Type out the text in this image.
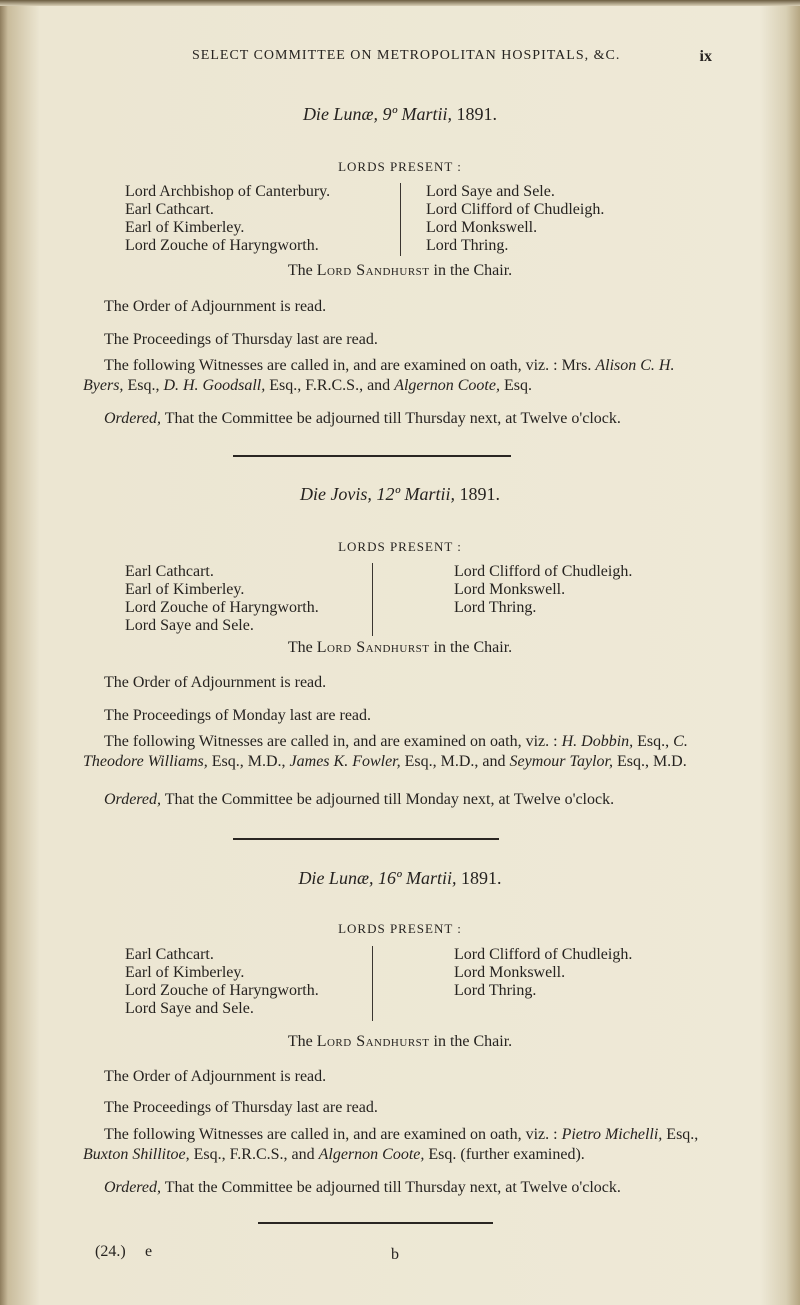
SELECT COMMITTEE ON METROPOLITAN HOSPITALS, &C.	ix
Die Lunæ, 9º Martii, 1891.
LORDS PRESENT :
Lord Archbishop of Canterbury.
Earl Cathcart.
Earl of Kimberley.
Lord Zouche of Haryngworth.
Lord Saye and Sele.
Lord Clifford of Chudleigh.
Lord Monkswell.
Lord Thring.
The Lord Sandhurst in the Chair.
The Order of Adjournment is read.
The Proceedings of Thursday last are read.
The following Witnesses are called in, and are examined on oath, viz. : Mrs. Alison C. H. Byers, Esq., D. H. Goodsall, Esq., F.R.C.S., and Algernon Coote, Esq.
Ordered, That the Committee be adjourned till Thursday next, at Twelve o'clock.
Die Jovis, 12º Martii, 1891.
LORDS PRESENT :
Earl Cathcart.
Earl of Kimberley.
Lord Zouche of Haryngworth.
Lord Saye and Sele.
Lord Clifford of Chudleigh.
Lord Monkswell.
Lord Thring.
The Lord Sandhurst in the Chair.
The Order of Adjournment is read.
The Proceedings of Monday last are read.
The following Witnesses are called in, and are examined on oath, viz. : H. Dobbin, Esq., C. Theodore Williams, Esq., M.D., James K. Fowler, Esq., M.D., and Seymour Taylor, Esq., M.D.
Ordered, That the Committee be adjourned till Monday next, at Twelve o'clock.
Die Lunæ, 16º Martii, 1891.
LORDS PRESENT :
Earl Cathcart.
Earl of Kimberley.
Lord Zouche of Haryngworth.
Lord Saye and Sele.
Lord Clifford of Chudleigh.
Lord Monkswell.
Lord Thring.
The Lord Sandhurst in the Chair.
The Order of Adjournment is read.
The Proceedings of Thursday last are read.
The following Witnesses are called in, and are examined on oath, viz. : Pietro Michelli, Esq., Buxton Shillitoe, Esq., F.R.C.S., and Algernon Coote, Esq. (further examined).
Ordered, That the Committee be adjourned till Thursday next, at Twelve o'clock.
(24.) e	b
